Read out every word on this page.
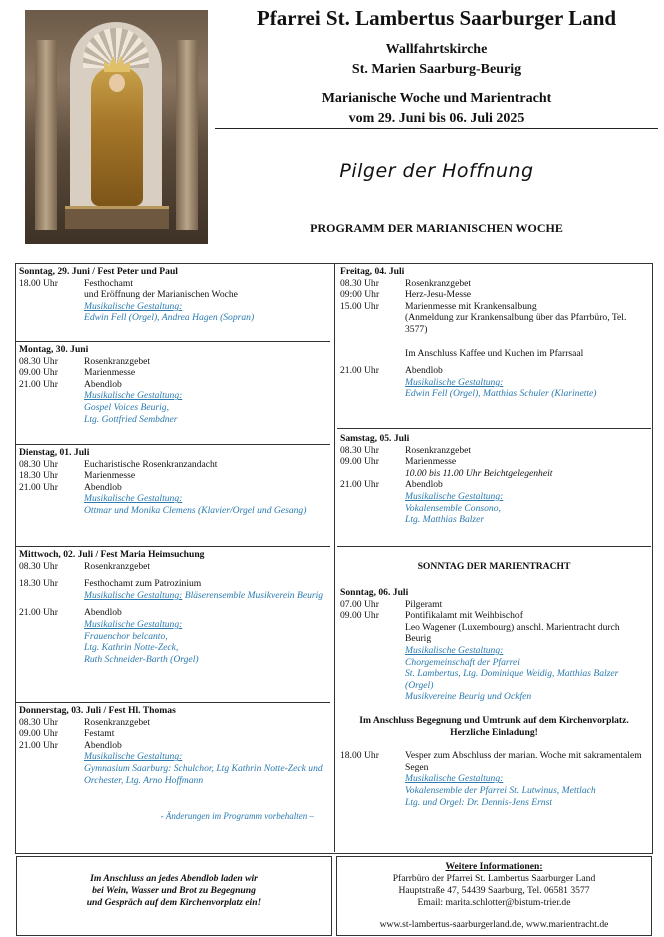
Pfarrei St. Lambertus Saarburger Land
Wallfahrtskirche
St. Marien Saarburg-Beurig
Marianische Woche und Marientracht
vom 29. Juni bis 06. Juli 2025
Pilger der Hoffnung
PROGRAMM DER MARIANISCHEN WOCHE
Sonntag, 29. Juni / Fest Peter und Paul
18.00 Uhr	Festhochamt
und Eröffnung der Marianischen Woche
Musikalische Gestaltung:
Edwin Fell (Orgel), Andrea Hagen (Sopran)
Montag, 30. Juni
08.30 Uhr	Rosenkranzgebet
09.00 Uhr	Marienmesse
21.00 Uhr	Abendlob
Musikalische Gestaltung:
Gospel Voices Beurig,
Ltg. Gottfried Sembdner
Dienstag, 01. Juli
08.30 Uhr	Eucharistische Rosenkranzandacht
18.30 Uhr	Marienmesse
21.00 Uhr	Abendlob
Musikalische Gestaltung:
Ottmar und Monika Clemens (Klavier/Orgel und Gesang)
Mittwoch, 02. Juli / Fest Maria Heimsuchung
08.30 Uhr	Rosenkranzgebet
18.30 Uhr	Festhochamt zum Patrozinium
Musikalische Gestaltung: Bläserensemble Musikverein Beurig
21.00 Uhr	Abendlob
Musikalische Gestaltung:
Frauenchor belcanto,
Ltg. Kathrin Notte-Zeck,
Ruth Schneider-Barth (Orgel)
Donnerstag, 03. Juli / Fest Hl. Thomas
08.30 Uhr	Rosenkranzgebet
09.00 Uhr	Festamt
21.00 Uhr	Abendlob
Musikalische Gestaltung:
Gymnasium Saarburg: Schulchor, Ltg Kathrin Notte-Zeck und Orchester, Ltg. Arno Hoffmann
- Änderungen im Programm vorbehalten –
Freitag, 04. Juli
08.30 Uhr	Rosenkranzgebet
09:00 Uhr	Herz-Jesu-Messe
15.00 Uhr	Marienmesse mit Krankensalbung
(Anmeldung zur Krankensalbung über das Pfarrbüro, Tel. 3577)
Im Anschluss Kaffee und Kuchen im Pfarrsaal
21.00 Uhr	Abendlob
Musikalische Gestaltung:
Edwin Fell (Orgel), Matthias Schuler (Klarinette)
Samstag, 05. Juli
08.30 Uhr	Rosenkranzgebet
09.00 Uhr	Marienmesse
10.00 bis 11.00 Uhr Beichtgelegenheit
21.00 Uhr	Abendlob
Musikalische Gestaltung:
Vokalensemble Consono,
Ltg. Matthias Balzer
SONNTAG DER MARIENTRACHT
Sonntag, 06. Juli
07.00 Uhr	Pilgeramt
09.00 Uhr	Pontifikalamt mit Weihbischof
Leo Wagener (Luxembourg) anschl. Marientracht durch Beurig
Musikalische Gestaltung:
Chorgemeinschaft der Pfarrei
St. Lambertus, Ltg. Dominique Weidig, Matthias Balzer (Orgel)
Musikvereine Beurig und Ockfen
Im Anschluss Begegnung und Umtrunk auf dem Kirchenvorplatz.
Herzliche Einladung!
18.00 Uhr	Vesper zum Abschluss der marian. Woche mit sakramentalem Segen
Musikalische Gestaltung:
Vokalensemble der Pfarrei St. Lutwinus, Mettlach
Ltg. und Orgel: Dr. Dennis-Jens Ernst
Im Anschluss an jedes Abendlob laden wir
bei Wein, Wasser und Brot zu Begegnung
und Gespräch auf dem Kirchenvorplatz ein!
Weitere Informationen:
Pfarrbüro der Pfarrei St. Lambertus Saarburger Land
Hauptstraße 47, 54439 Saarburg, Tel. 06581 3577
Email: marita.schlotter@bistum-trier.de
www.st-lambertus-saarburgerland.de, www.marientracht.de
